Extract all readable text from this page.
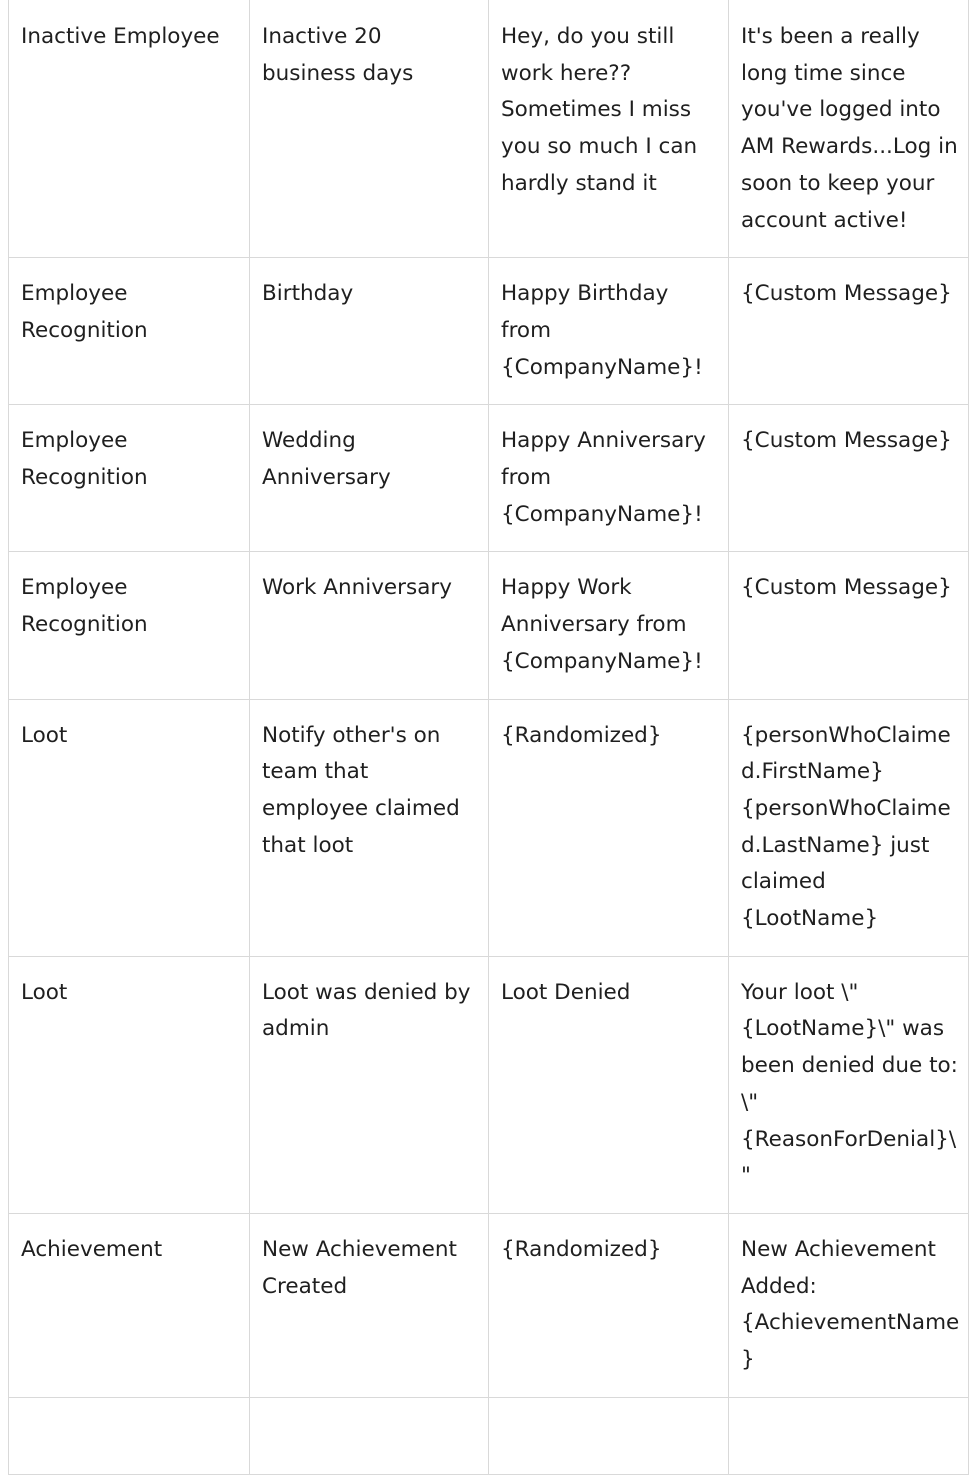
Inactive Employee	Inactive 20 business days	Hey, do you still work here?? Sometimes I miss you so much I can hardly stand it	It's been a really long time since you've logged into AM Rewards...Log in soon to keep your account active!
Employee Recognition	Birthday	Happy Birthday from {CompanyName}!	{Custom Message}
Employee Recognition	Wedding Anniversary	Happy Anniversary from {CompanyName}!	{Custom Message}
Employee Recognition	Work Anniversary	Happy Work Anniversary from {CompanyName}!	{Custom Message}
Loot	Notify other's on team that employee claimed that loot	{Randomized}	{personWhoClaimed.FirstName} {personWhoClaimed.LastName} just claimed {LootName}
Loot	Loot was denied by admin	Loot Denied	Your loot \"{LootName}\" was been denied due to: \"{ReasonForDenial}\"
Achievement	New Achievement Created	{Randomized}	New Achievement Added: {AchievementName}
